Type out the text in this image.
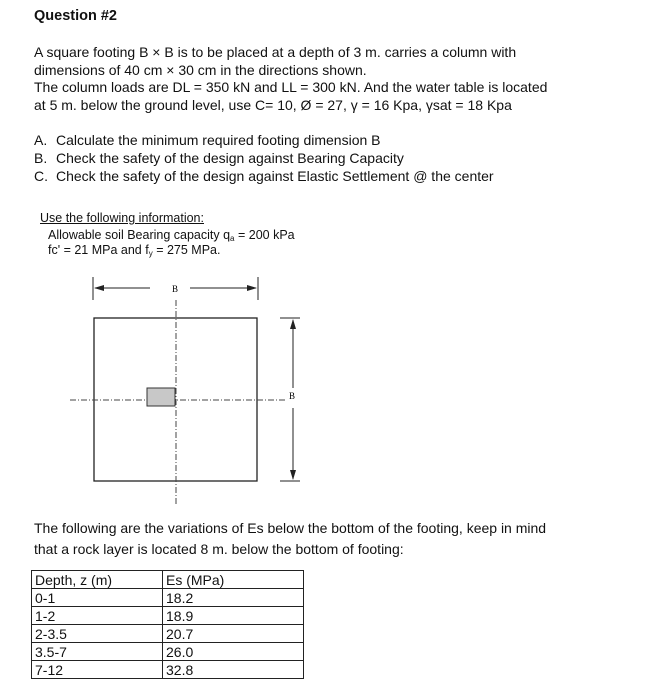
Question #2
A square footing B × B is to be placed at a depth of 3 m. carries a column with
dimensions of 40 cm × 30 cm in the directions shown.
The column loads are DL = 350 kN and LL = 300 kN. And the water table is located
at 5 m. below the ground level, use C= 10, Ø = 27, γ = 16 Kpa, γsat = 18 Kpa
A. Calculate the minimum required footing dimension B
B. Check the safety of the design against Bearing Capacity
C. Check the safety of the design against Elastic Settlement @ the center
Use the following information:
Allowable soil Bearing capacity $q_a = 200$ kPa
fc' = 21 MPa and $f_y = 275$ MPa.
B
B
The following are the variations of Es below the bottom of the footing, keep in mind
that a rock layer is located 8 m. below the bottom of footing:
Depth, z (m)	Es (MPa)
0-1	18.2
1-2	18.9
2-3.5	20.7
3.5-7	26.0
7-12	32.8
